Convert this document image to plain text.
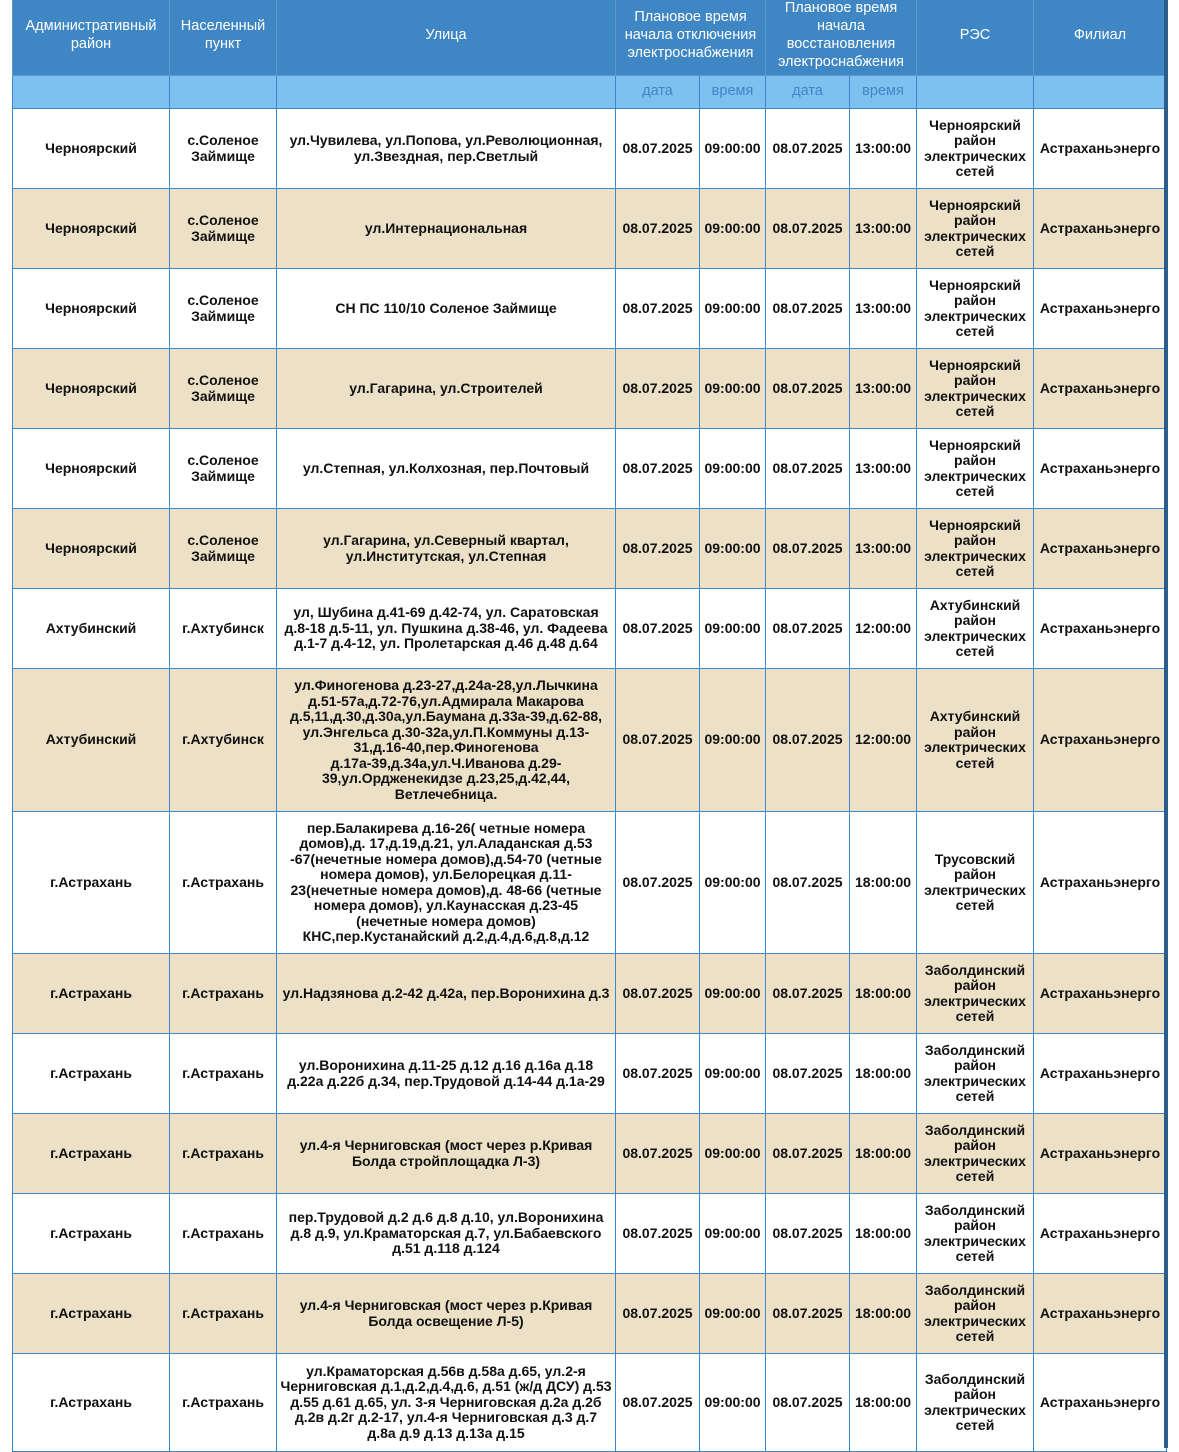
Административный район	Населенный пункт	Улица	Плановое время начала отключения электроснабжения		Плановое время начала восстановления электроснабжения		РЭС	Филиал
			дата	время	дата	время		
Черноярский	с.Соленое Займище	ул.Чувилева, ул.Попова, ул.Революционная, ул.Звездная, пер.Светлый	08.07.2025	09:00:00	08.07.2025	13:00:00	Черноярский район электрических сетей	Астраханьэнерго
Черноярский	с.Соленое Займище	ул.Интернациональная	08.07.2025	09:00:00	08.07.2025	13:00:00	Черноярский район электрических сетей	Астраханьэнерго
Черноярский	с.Соленое Займище	СН ПС 110/10 Соленое Займище	08.07.2025	09:00:00	08.07.2025	13:00:00	Черноярский район электрических сетей	Астраханьэнерго
Черноярский	с.Соленое Займище	ул.Гагарина, ул.Строителей	08.07.2025	09:00:00	08.07.2025	13:00:00	Черноярский район электрических сетей	Астраханьэнерго
Черноярский	с.Соленое Займище	ул.Степная, ул.Колхозная, пер.Почтовый	08.07.2025	09:00:00	08.07.2025	13:00:00	Черноярский район электрических сетей	Астраханьэнерго
Черноярский	с.Соленое Займище	ул.Гагарина, ул.Северный квартал, ул.Институтская, ул.Степная	08.07.2025	09:00:00	08.07.2025	13:00:00	Черноярский район электрических сетей	Астраханьэнерго
Ахтубинский	г.Ахтубинск	ул, Шубина д.41-69 д.42-74, ул. Саратовская д.8-18 д.5-11, ул. Пушкина д.38-46, ул. Фадеева д.1-7 д.4-12, ул. Пролетарская д.46 д.48 д.64	08.07.2025	09:00:00	08.07.2025	12:00:00	Ахтубинский район электрических сетей	Астраханьэнерго
Ахтубинский	г.Ахтубинск	ул.Финогенова д.23-27,д.24а-28,ул.Лычкина д.51-57а,д.72-76,ул.Адмирала Макарова д.5,11,д.30,д.30а,ул.Баумана д.33а-39,д.62-88, ул.Энгельса д.30-32а,ул.П.Коммуны д.13-31,д.16-40,пер.Финогенова д.17а-39,д.34а,ул.Ч.Иванова д.29-39,ул.Ордженекидзе д.23,25,д.42,44, Ветлечебница.	08.07.2025	09:00:00	08.07.2025	12:00:00	Ахтубинский район электрических сетей	Астраханьэнерго
г.Астрахань	г.Астрахань	пер.Балакирева д.16-26( четные номера домов),д. 17,д.19,д.21, ул.Аладанская д.53 -67(нечетные номера домов),д.54-70 (четные номера домов), ул.Белорецкая д.11-23(нечетные номера домов),д. 48-66 (четные номера домов), ул.Каунасская д.23-45 (нечетные номера домов) КНС,пер.Кустанайский д.2,д.4,д.6,д.8,д.12	08.07.2025	09:00:00	08.07.2025	18:00:00	Трусовский район электрических сетей	Астраханьэнерго
г.Астрахань	г.Астрахань	ул.Надзянова д.2-42 д.42а, пер.Воронихина д.3	08.07.2025	09:00:00	08.07.2025	18:00:00	Заболдинский район электрических сетей	Астраханьэнерго
г.Астрахань	г.Астрахань	ул.Воронихина д.11-25 д.12 д.16 д.16а д.18 д.22а д.22б д.34, пер.Трудовой д.14-44 д.1а-29	08.07.2025	09:00:00	08.07.2025	18:00:00	Заболдинский район электрических сетей	Астраханьэнерго
г.Астрахань	г.Астрахань	ул.4-я Черниговская (мост через р.Кривая Болда стройплощадка Л-3)	08.07.2025	09:00:00	08.07.2025	18:00:00	Заболдинский район электрических сетей	Астраханьэнерго
г.Астрахань	г.Астрахань	пер.Трудовой д.2 д.6 д.8 д.10, ул.Воронихина д.8 д.9, ул.Краматорская д.7, ул.Бабаевского д.51 д.118 д.124	08.07.2025	09:00:00	08.07.2025	18:00:00	Заболдинский район электрических сетей	Астраханьэнерго
г.Астрахань	г.Астрахань	ул.4-я Черниговская (мост через р.Кривая Болда освещение Л-5)	08.07.2025	09:00:00	08.07.2025	18:00:00	Заболдинский район электрических сетей	Астраханьэнерго
г.Астрахань	г.Астрахань	ул.Краматорская д.56в д.58а д.65, ул.2-я Черниговская д.1,д.2,д.4,д.6, д.51 (ж/д ДСУ) д.53 д.55 д.61 д.65, ул. 3-я Черниговская д.2а д.2б д.2в д.2г д.2-17, ул.4-я Черниговская д.3 д.7 д.8а д.9 д.13 д.13а д.15	08.07.2025	09:00:00	08.07.2025	18:00:00	Заболдинский район электрических сетей	Астраханьэнерго
